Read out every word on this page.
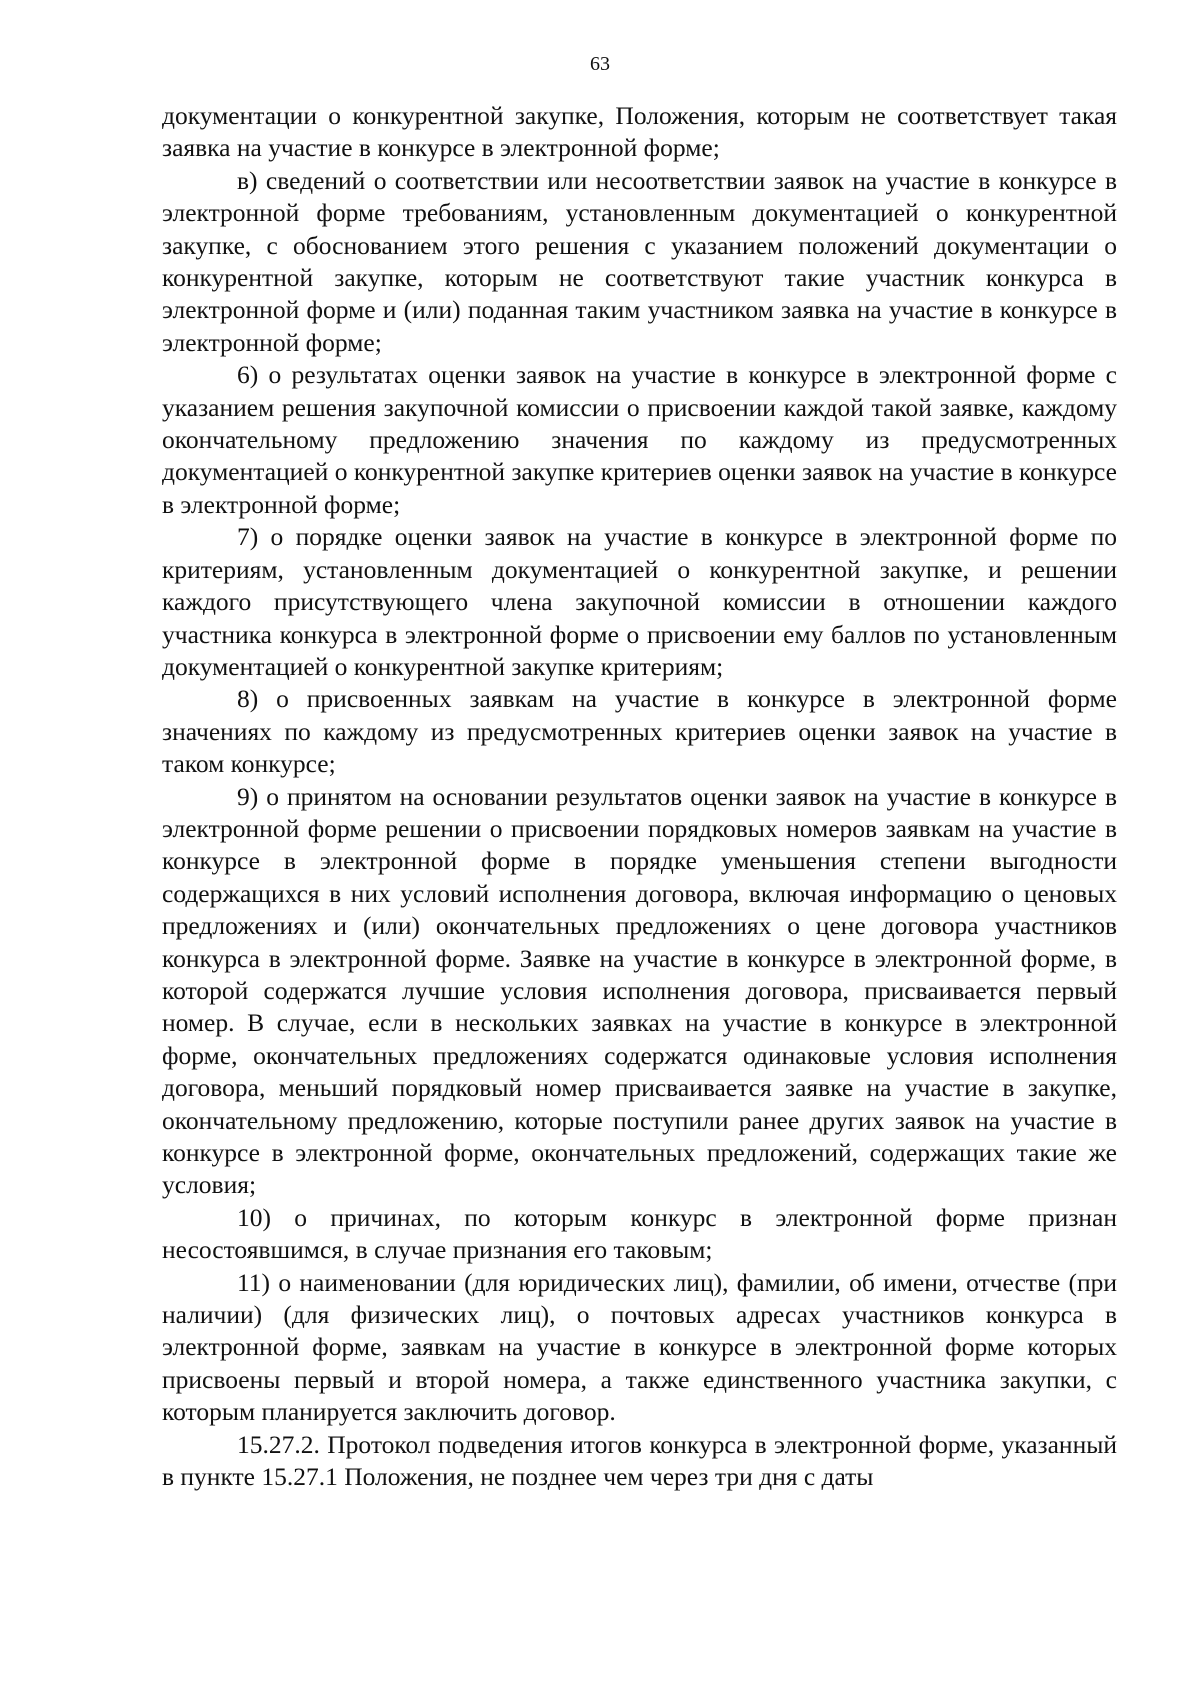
63

документации о конкурентной закупке, Положения, которым не соответствует такая заявка на участие в конкурсе в электронной форме;

в) сведений о соответствии или несоответствии заявок на участие в конкурсе в электронной форме требованиям, установленным документацией о конкурентной закупке, с обоснованием этого решения с указанием положений документации о конкурентной закупке, которым не соответствуют такие участник конкурса в электронной форме и (или) поданная таким участником заявка на участие в конкурсе в электронной форме;

6) о результатах оценки заявок на участие в конкурсе в электронной форме с указанием решения закупочной комиссии о присвоении каждой такой заявке, каждому окончательному предложению значения по каждому из предусмотренных документацией о конкурентной закупке критериев оценки заявок на участие в конкурсе в электронной форме;

7) о порядке оценки заявок на участие в конкурсе в электронной форме по критериям, установленным документацией о конкурентной закупке, и решении каждого присутствующего члена закупочной комиссии в отношении каждого участника конкурса в электронной форме о присвоении ему баллов по установленным документацией о конкурентной закупке критериям;

8) о присвоенных заявкам на участие в конкурсе в электронной форме значениях по каждому из предусмотренных критериев оценки заявок на участие в таком конкурсе;

9) о принятом на основании результатов оценки заявок на участие в конкурсе в электронной форме решении о присвоении порядковых номеров заявкам на участие в конкурсе в электронной форме в порядке уменьшения степени выгодности содержащихся в них условий исполнения договора, включая информацию о ценовых предложениях и (или) окончательных предложениях о цене договора участников конкурса в электронной форме. Заявке на участие в конкурсе в электронной форме, в которой содержатся лучшие условия исполнения договора, присваивается первый номер. В случае, если в нескольких заявках на участие в конкурсе в электронной форме, окончательных предложениях содержатся одинаковые условия исполнения договора, меньший порядковый номер присваивается заявке на участие в закупке, окончательному предложению, которые поступили ранее других заявок на участие в конкурсе в электронной форме, окончательных предложений, содержащих такие же условия;

10) о причинах, по которым конкурс в электронной форме признан несостоявшимся, в случае признания его таковым;

11) о наименовании (для юридических лиц), фамилии, об имени, отчестве (при наличии) (для физических лиц), о почтовых адресах участников конкурса в электронной форме, заявкам на участие в конкурсе в электронной форме которых присвоены первый и второй номера, а также единственного участника закупки, с которым планируется заключить договор.

15.27.2. Протокол подведения итогов конкурса в электронной форме, указанный в пункте 15.27.1 Положения, не позднее чем через три дня с даты
